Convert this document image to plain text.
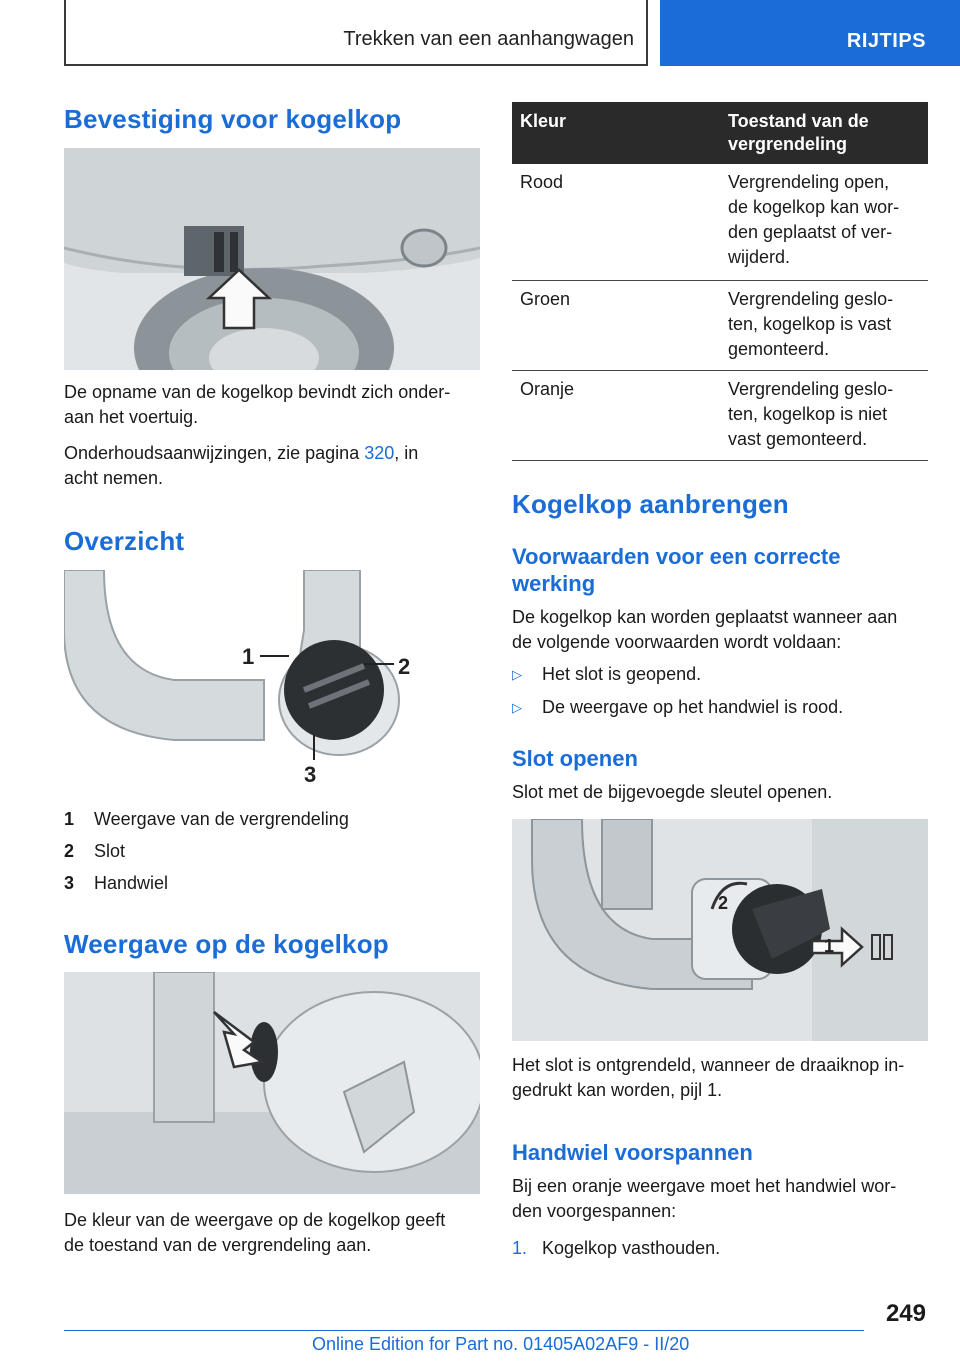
Trekken van een aanhangwagen	RIJTIPS
Bevestiging voor kogelkop
De opname van de kogelkop bevindt zich onder-
aan het voertuig.
Onderhoudsaanwijzingen, zie pagina 320, in
acht nemen.
Overzicht
1	2
3
1	Weergave van de vergrendeling
2	Slot
3	Handwiel
Weergave op de kogelkop
De kleur van de weergave op de kogelkop geeft
de toestand van de vergrendeling aan.
Kleur	Toestand van de
vergrendeling

Rood	Vergrendeling open,
de kogelkop kan wor-
den geplaatst of ver-
wijderd.

Groen	Vergrendeling geslo-
ten, kogelkop is vast
gemonteerd.

Oranje	Vergrendeling geslo-
ten, kogelkop is niet
vast gemonteerd.
Kogelkop aanbrengen
Voorwaarden voor een correcte
werking
De kogelkop kan worden geplaatst wanneer aan
de volgende voorwaarden wordt voldaan:
▷	Het slot is geopend.
▷	De weergave op het handwiel is rood.
Slot openen
Slot met de bijgevoegde sleutel openen.
2
1
Het slot is ontgrendeld, wanneer de draaiknop in-
gedrukt kan worden, pijl 1.
Handwiel voorspannen
Bij een oranje weergave moet het handwiel wor-
den voorgespannen:
1. Kogelkop vasthouden.
249
Online Edition for Part no. 01405A02AF9 - II/20
